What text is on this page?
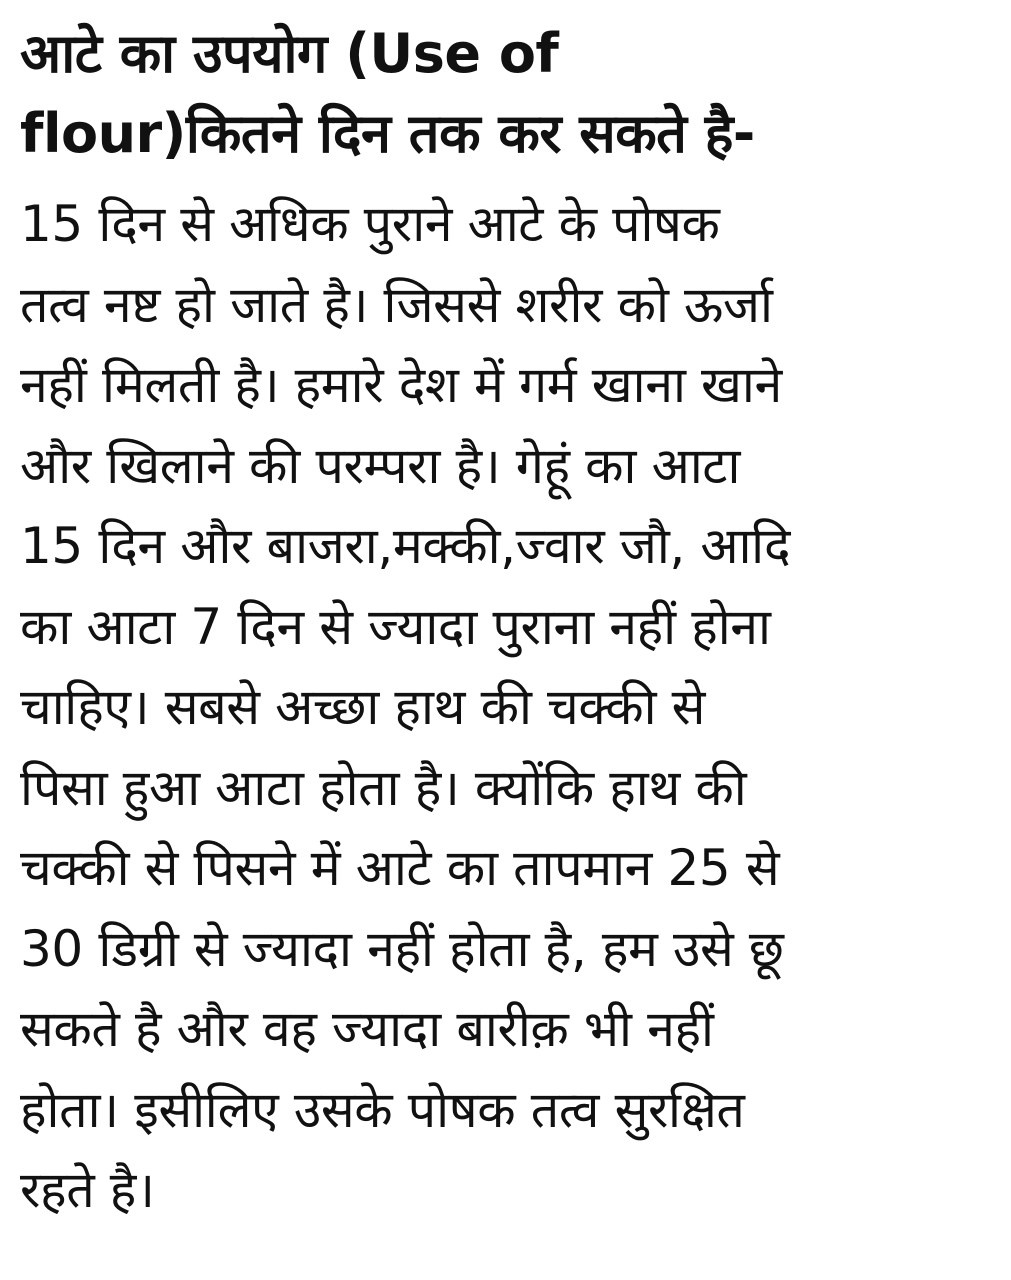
आटे का उपयोग (Use of
flour)कितने दिन तक कर सकते है-
15 दिन से अधिक पुराने आटे के पोषक
तत्व नष्ट हो जाते है। जिससे शरीर को ऊर्जा
नहीं मिलती है। हमारे देश में गर्म खाना खाने
और खिलाने की परम्परा है। गेहूं का आटा
15 दिन और बाजरा,मक्की,ज्वार जौ, आदि
का आटा 7 दिन से ज्यादा पुराना नहीं होना
चाहिए। सबसे अच्छा हाथ की चक्की से
पिसा हुआ आटा होता है। क्योंकि हाथ की
चक्की से पिसने में आटे का तापमान 25 से
30 डिग्री से ज्यादा नहीं होता है, हम उसे छू
सकते है और वह ज्यादा बारीक़ भी नहीं
होता। इसीलिए उसके पोषक तत्व सुरक्षित
रहते है।
